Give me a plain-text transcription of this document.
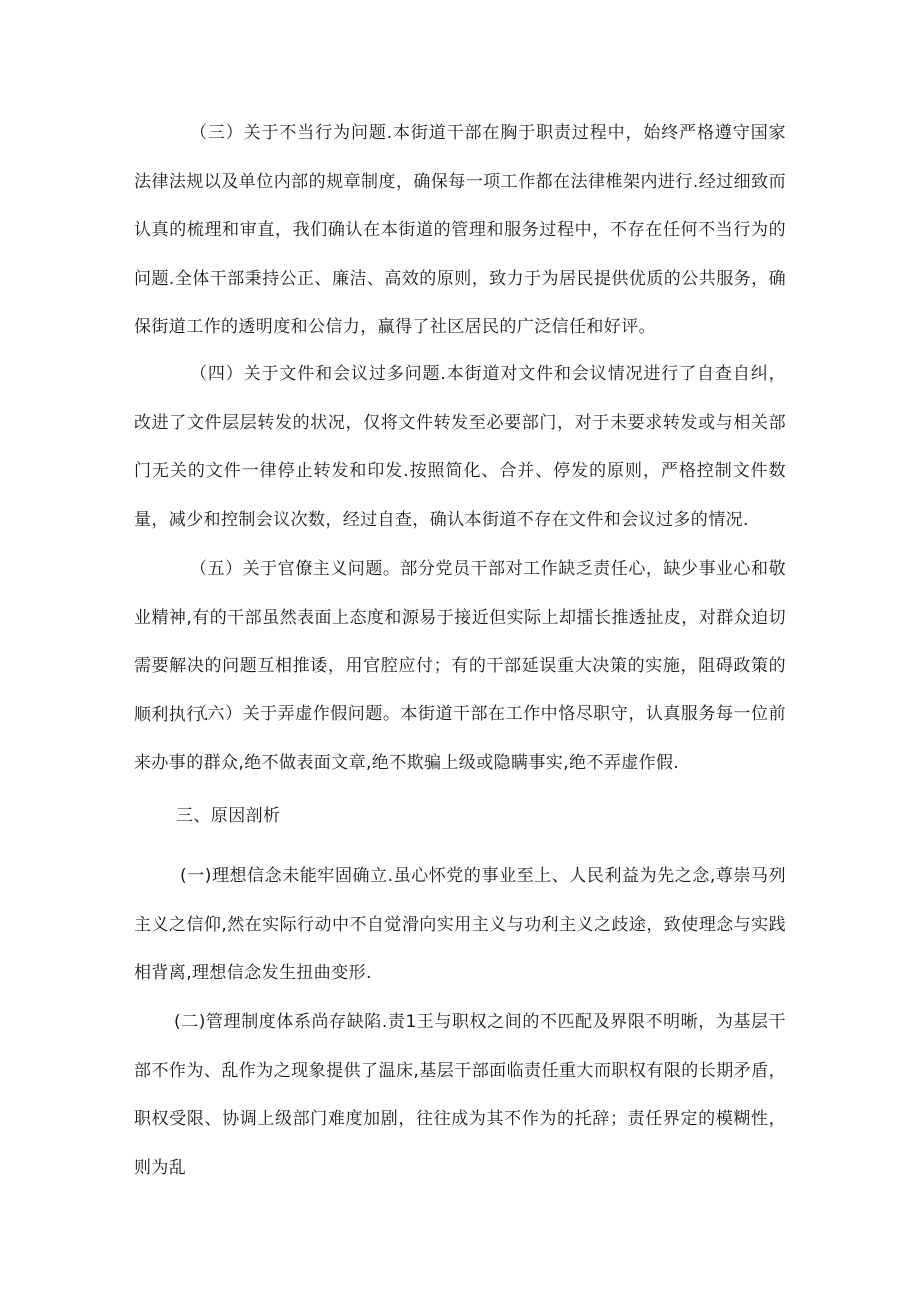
（三）关于不当行为问题.本街道干部在胸于职责过程中，始终严格遵守国家法律法规以及单位内部的规章制度，确保每一项工作都在法律椎架内进行.经过细致而认真的梳理和审直，我们确认在本街道的管理和服务过程中，不存在任何不当行为的问题.全体干部秉持公正、廉洁、高效的原则，致力于为居民提供优质的公共服务，确保街道工作的透明度和公信力，赢得了社区居民的广泛信任和好评。

（四）关于文件和会议过多问题.本街道对文件和会议情况进行了自查自纠，改进了文件层层转发的状况，仅将文件转发至必要部门，对于未要求转发或与相关部门无关的文件一律停止转发和印发.按照简化、合并、停发的原则，严格控制文件数量，减少和控制会议次数，经过自查，确认本街道不存在文件和会议过多的情况.

（五）关于官僚主义问题。部分党员干部对工作缺乏责任心，缺少事业心和敬业精神,有的干部虽然表面上态度和源易于接近但实际上却擂长推透扯皮，对群众迫切需要解决的问题互相推诿，用官腔应付；有的干部延误重大决策的实施，阻碍政策的顺利执行.

（六）关于弄虚作假问题。本街道干部在工作中恪尽职守，认真服务每一位前来办事的群众,绝不做表面文章,绝不欺骗上级或隐瞒事实,绝不弄虚作假.

三、原因剖析

(一)理想信念未能牢固确立.虽心怀党的事业至上、人民利益为先之念,尊崇马列主义之信仰,然在实际行动中不自觉滑向实用主义与功利主义之歧途，致使理念与实践相背离,理想信念发生扭曲变形.

(二)管理制度体系尚存缺陷.责1王与职权之间的不匹配及界限不明晰，为基层干部不作为、乱作为之现象提供了温床,基层干部面临责任重大而职权有限的长期矛盾，职权受限、协调上级部门难度加剧，往往成为其不作为的托辞；责任界定的模糊性，则为乱
